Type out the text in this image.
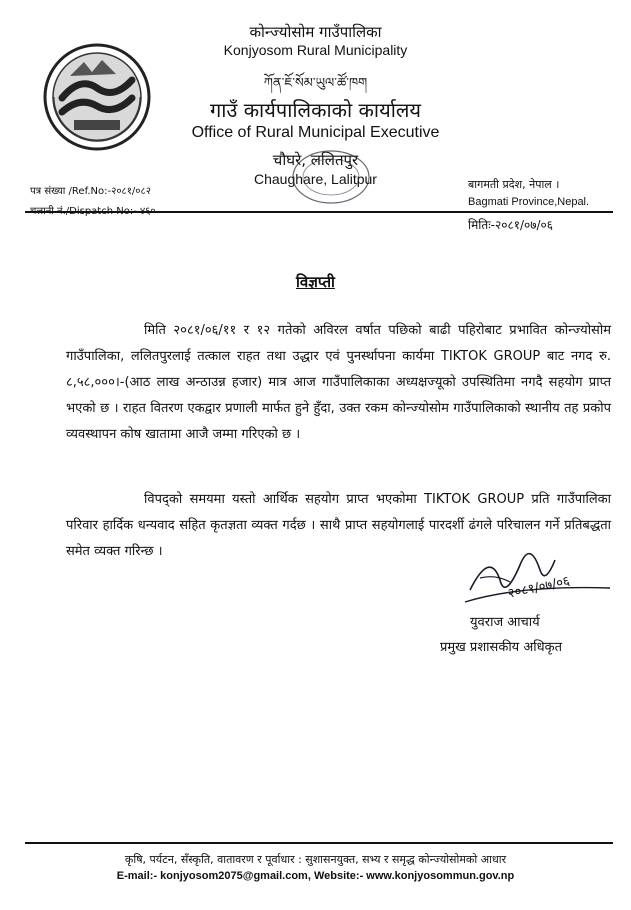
कोन्ज्योसोम गाउँपालिका
Konjyosom Rural Municipality
ཀོན་ཇོ་སོམ་ཡུལ་ཚོ་ཁག
गाउँ कार्यपालिकाको कार्यालय
Office of Rural Municipal Executive
चौघरे, ललितपुर
Chaughare, Lalitpur
पत्र संख्या /Ref.No:-२०८१/०८२
बागमती प्रदेश, नेपाल ।
Bagmati Province,Nepal.
मितिः-२०८१/०७/०६
विज्ञप्ती
मिति २०८१/०६/११ र १२ गतेको अविरल वर्षात पछिको बाढी पहिरोबाट प्रभावित कोन्ज्योसोम गाउँपालिका, ललितपुरलाई तत्काल राहत तथा उद्धार एवं पुनर्स्थापना कार्यमा TIKTOK GROUP बाट नगद रु. ८,५८,०००।-(आठ लाख अन्ठाउन्न हजार) मात्र आज गाउँपालिकाका अध्यक्षज्यूको उपस्थितिमा नगदै सहयोग प्राप्त भएको छ । राहत वितरण एकद्वार प्रणाली मार्फत हुने हुँदा, उक्त रकम कोन्ज्योसोम गाउँपालिकाको स्थानीय तह प्रकोप व्यवस्थापन कोष खातामा आजै जम्मा गरिएको छ ।
विपद्को समयमा यस्तो आर्थिक सहयोग प्राप्त भएकोमा TIKTOK GROUP प्रति गाउँपालिका परिवार हार्दिक धन्यवाद सहित कृतज्ञता व्यक्त गर्दछ । साथै प्राप्त सहयोगलाई पारदर्शी ढंगले परिचालन गर्ने प्रतिबद्धता समेत व्यक्त गरिन्छ ।
२०८१/०७/०६
युवराज आचार्य
प्रमुख प्रशासकीय अधिकृत
कृषि, पर्यटन, सँस्कृति, वातावरण र पूर्वाधार : सुशासनयुक्त, सभ्य र समृद्ध कोन्ज्योसोमको आधार
E-mail:- konjyosom2075@gmail.com, Website:- www.konjyosommun.gov.np
